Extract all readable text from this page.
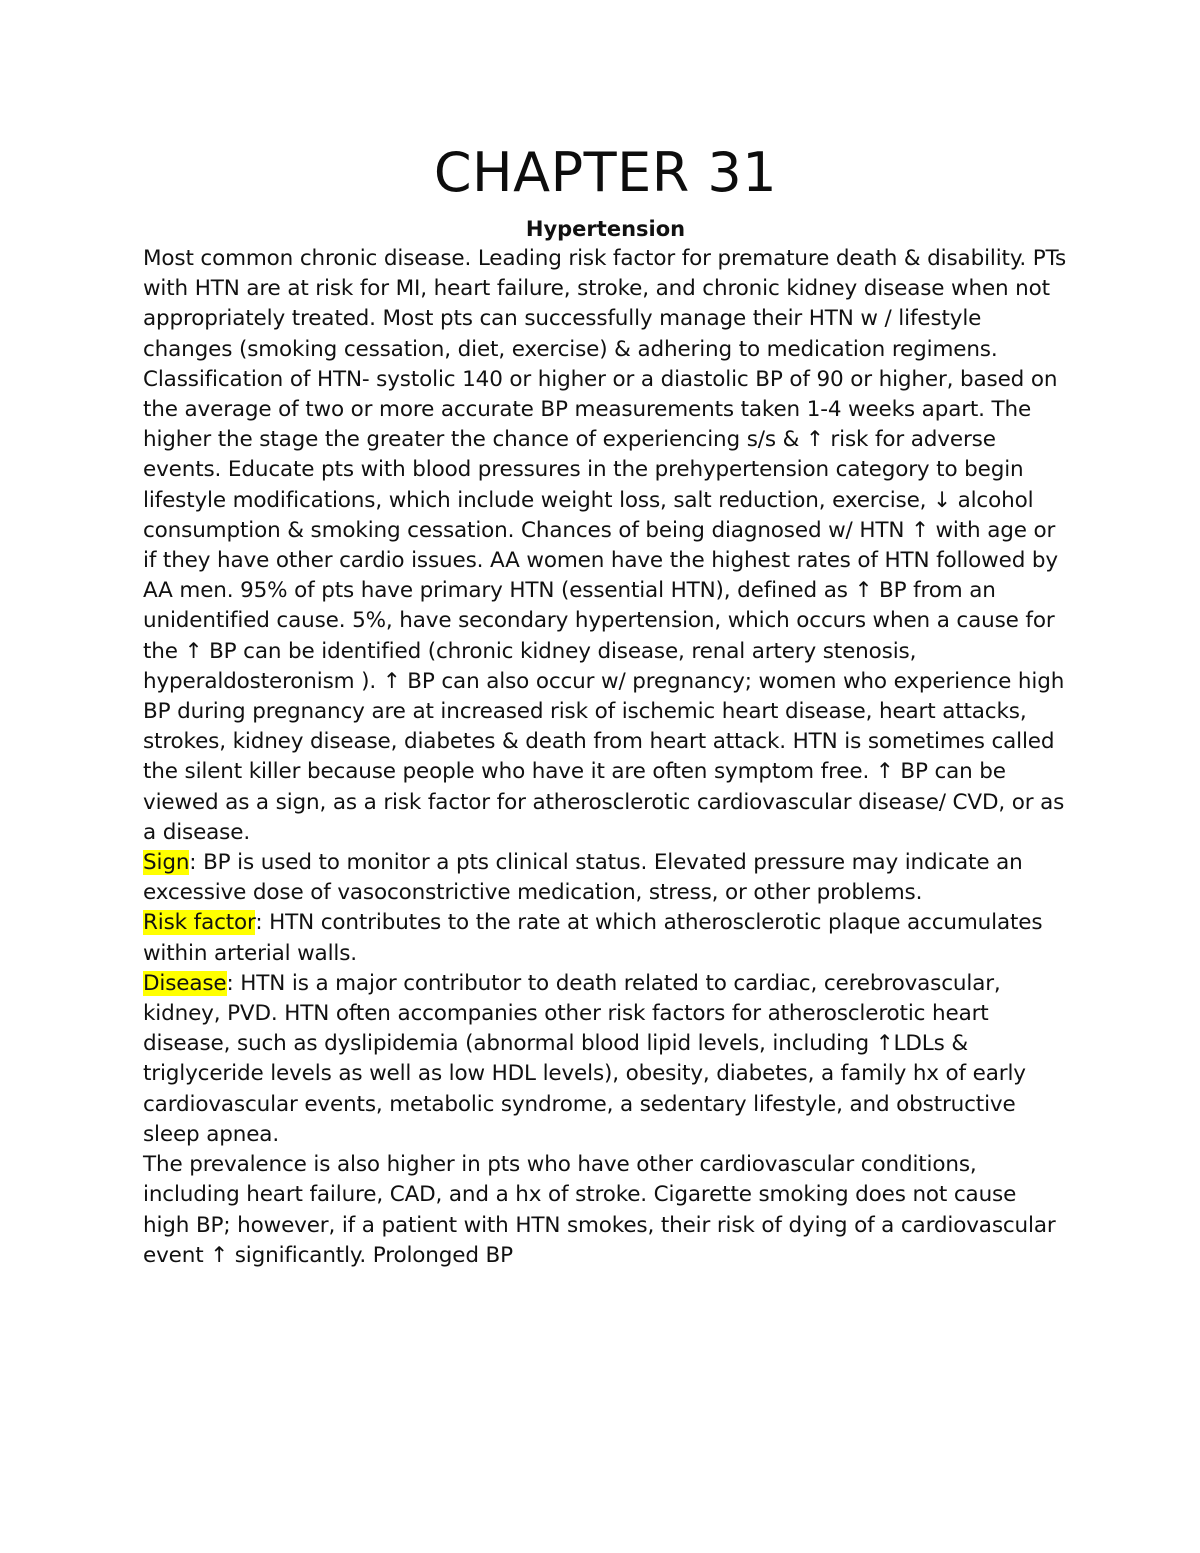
CHAPTER 31
Hypertension

Most common chronic disease. Leading risk factor for premature death & disability. PTs with HTN are at risk for MI, heart failure, stroke, and chronic kidney disease when not appropriately treated. Most pts can successfully manage their HTN w / lifestyle changes (smoking cessation, diet, exercise) & adhering to medication regimens.

Classification of HTN- systolic 140 or higher or a diastolic BP of 90 or higher, based on the average of two or more accurate BP measurements taken 1-4 weeks apart. The higher the stage the greater the chance of experiencing s/s & ↑ risk for adverse events. Educate pts with blood pressures in the prehypertension category to begin lifestyle modifications, which include weight loss, salt reduction, exercise, ↓ alcohol consumption & smoking cessation. Chances of being diagnosed w/ HTN ↑ with age or if they have other cardio issues. AA women have the highest rates of HTN followed by AA men. 95% of pts have primary HTN (essential HTN), defined as ↑ BP from an unidentified cause. 5%, have secondary hypertension, which occurs when a cause for the ↑ BP can be identified (chronic kidney disease, renal artery stenosis, hyperaldosteronism ). ↑ BP can also occur w/ pregnancy; women who experience high BP during pregnancy are at increased risk of ischemic heart disease, heart attacks, strokes, kidney disease, diabetes & death from heart attack. HTN is sometimes called the silent killer because people who have it are often symptom free. ↑ BP can be viewed as a sign, as a risk factor for atherosclerotic cardiovascular disease/ CVD, or as a disease.

Sign: BP is used to monitor a pts clinical status. Elevated pressure may indicate an excessive dose of vasoconstrictive medication, stress, or other problems.

Risk factor: HTN contributes to the rate at which atherosclerotic plaque accumulates within arterial walls.

Disease: HTN is a major contributor to death related to cardiac, cerebrovascular, kidney, PVD. HTN often accompanies other risk factors for atherosclerotic heart disease, such as dyslipidemia (abnormal blood lipid levels, including ↑LDLs & triglyceride levels as well as low HDL levels), obesity, diabetes, a family hx of early cardiovascular events, metabolic syndrome, a sedentary lifestyle, and obstructive sleep apnea.

The prevalence is also higher in pts who have other cardiovascular conditions, including heart failure, CAD, and a hx of stroke. Cigarette smoking does not cause high BP; however, if a patient with HTN smokes, their risk of dying of a cardiovascular event ↑ significantly. Prolonged BP
